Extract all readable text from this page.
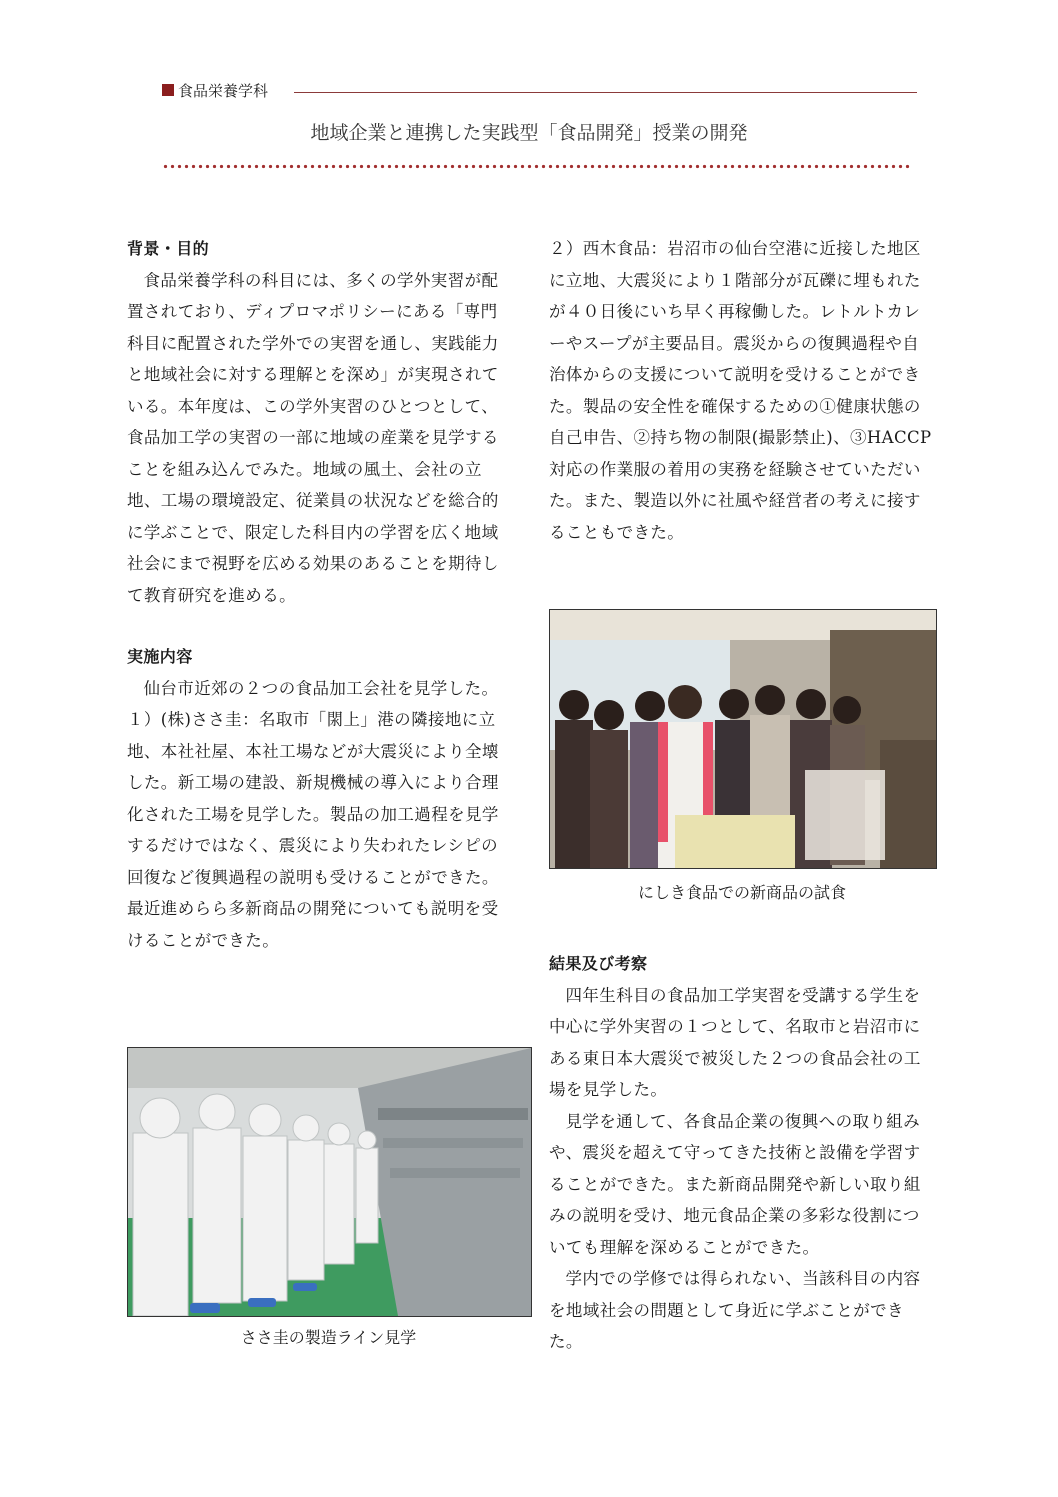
食品栄養学科
地域企業と連携した実践型「食品開発」授業の開発

背景・目的

食品栄養学科の科目には、多くの学外実習が配置されており、ディプロマポリシーにある「専門科目に配置された学外での実習を通し、実践能力と地域社会に対する理解とを深め」が実現されている。本年度は、この学外実習のひとつとして、食品加工学の実習の一部に地域の産業を見学することを組み込んでみた。地域の風土、会社の立地、工場の環境設定、従業員の状況などを総合的に学ぶことで、限定した科目内の学習を広く地域社会にまで視野を広める効果のあることを期待して教育研究を進める。

実施内容

仙台市近郊の２つの食品加工会社を見学した。

１）(株)ささ圭：名取市「閖上」港の隣接地に立地、本社社屋、本社工場などが大震災により全壊した。新工場の建設、新規機械の導入により合理化された工場を見学した。製品の加工過程を見学するだけではなく、震災により失われたレシピの回復など復興過程の説明も受けることができた。最近進めらら多新商品の開発についても説明を受けることができた。

ささ圭の製造ライン見学

２）西木食品：岩沼市の仙台空港に近接した地区に立地、大震災により１階部分が瓦礫に埋もれたが４０日後にいち早く再稼働した。レトルトカレーやスープが主要品目。震災からの復興過程や自治体からの支援について説明を受けることができた。製品の安全性を確保するための①健康状態の自己申告、②持ち物の制限(撮影禁止)、③HACCP対応の作業服の着用の実務を経験させていただいた。また、製造以外に社風や経営者の考えに接することもできた。

にしき食品での新商品の試食

結果及び考察

四年生科目の食品加工学実習を受講する学生を中心に学外実習の１つとして、名取市と岩沼市にある東日本大震災で被災した２つの食品会社の工場を見学した。

見学を通して、各食品企業の復興への取り組みや、震災を超えて守ってきた技術と設備を学習することができた。また新商品開発や新しい取り組みの説明を受け、地元食品企業の多彩な役割についても理解を深めることができた。

学内での学修では得られない、当該科目の内容を地域社会の問題として身近に学ぶことができた。
